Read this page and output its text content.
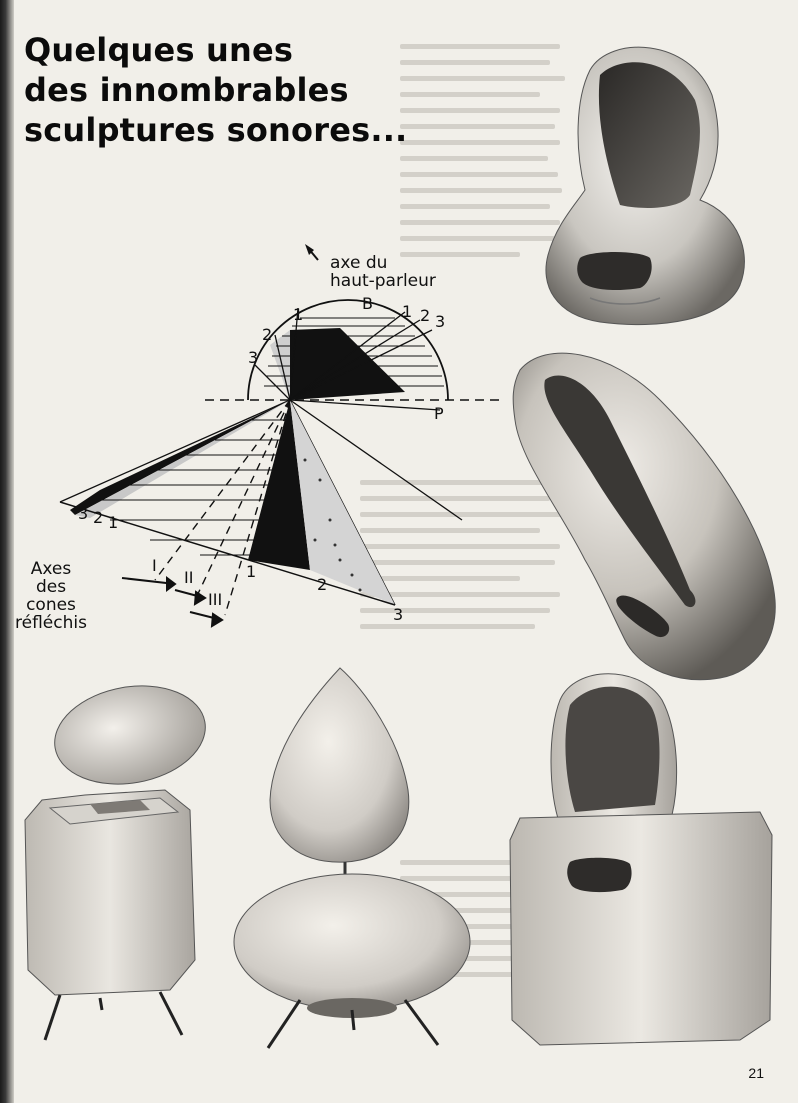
Quelques unes
des innombrables
sculptures sonores...
axe du
haut-parleur
B
P
1
2
3
1 2 3
3 2 1
1
2
3
Axes des
cones
réfléchis
I
II
III
21
